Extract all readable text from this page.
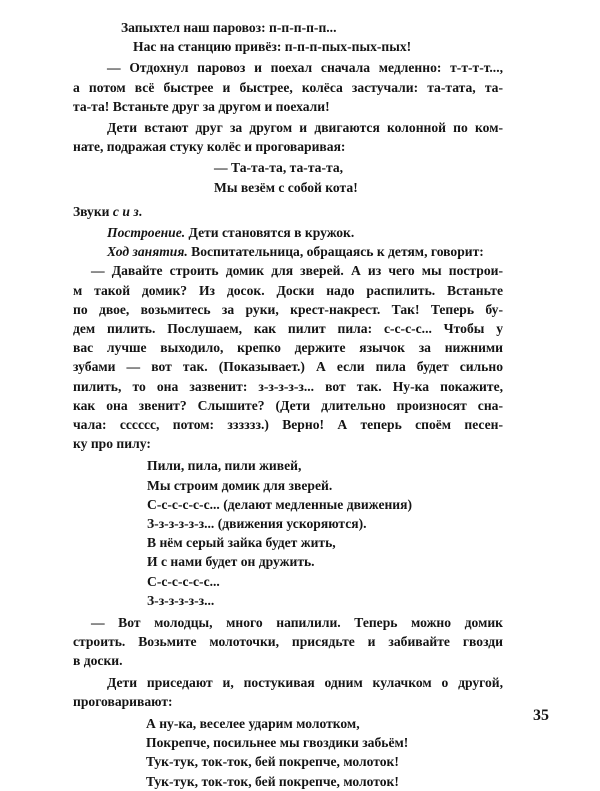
Запыхтел наш паровоз: п-п-п-п-п...
Нас на станцию привёз: п-п-п-пых-пых-пых!
— Отдохнул паровоз и поехал сначала медленно: т-т-т-т...,
а потом всё быстрее и быстрее, колёса застучали: та-тата, та-
та-та! Встаньте друг за другом и поехали!
Дети встают друг за другом и двигаются колонной по ком-
нате, подражая стуку колёс и проговаривая:
— Та-та-та, та-та-та,
Мы везём с собой кота!
Звуки с и з.
Построение. Дети становятся в кружок.
Ход занятия. Воспитательница, обращаясь к детям, говорит:
— Давайте строить домик для зверей. А из чего мы построи-
м такой домик? Из досок. Доски надо распилить. Встаньте
по двое, возьмитесь за руки, крест-накрест. Так! Теперь бу-
дем пилить. Послушаем, как пилит пила: с-с-с-с... Чтобы у
вас лучше выходило, крепко держите язычок за нижними
зубами — вот так. (Показывает.) А если пила будет сильно
пилить, то она зазвенит: з-з-з-з-з... вот так. Ну-ка покажите,
как она звенит? Слышите? (Дети длительно произносят сна-
чала: сссссс, потом: зззззз.) Верно! А теперь споём песен-
ку про пилу:
Пили, пила, пили живей,
Мы строим домик для зверей.
С-с-с-с-с-с... (делают медленные движения)
З-з-з-з-з-з... (движения ускоряются).
В нём серый зайка будет жить,
И с нами будет он дружить.
С-с-с-с-с-с...
З-з-з-з-з-з...
— Вот молодцы, много напилили. Теперь можно домик
строить. Возьмите молоточки, присядьте и забивайте гвозди
в доски.
Дети приседают и, постукивая одним кулачком о другой,
проговаривают:
А ну-ка, веселее ударим молотком,
Покрепче, посильнее мы гвоздики забьём!
Тук-тук, ток-ток, бей покрепче, молоток!
Тук-тук, ток-ток, бей покрепче, молоток!
35
